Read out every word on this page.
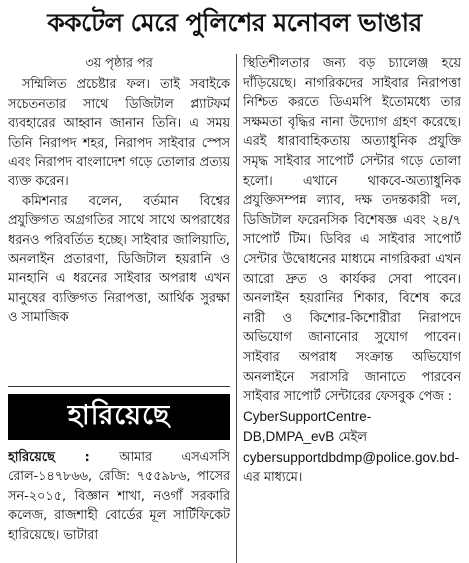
ককটেল মেরে পুলিশের মনোবল ভাঙার

৩য় পৃষ্ঠার পর

সম্মিলিত প্রচেষ্টার ফল। তাই সবাইকে সচেতনতার সাথে ডিজিটাল প্ল্যাটফর্ম ব্যবহারের আহ্বান জানান তিনি। এ সময় তিনি নিরাপদ শহর, নিরাপদ সাইবার স্পেস এবং নিরাপদ বাংলাদেশ গড়ে তোলার প্রত্যয় ব্যক্ত করেন।

কমিশনার বলেন, বর্তমান বিশ্বের প্রযুক্তিগত অগ্রগতির সাথে সাথে অপরাধের ধরনও পরিবর্তিত হচ্ছে। সাইবার জালিয়াতি, অনলাইন প্রতারণা, ডিজিটাল হয়রানি ও মানহানি এ ধরনের সাইবার অপরাধ এখন মানুষের ব্যক্তিগত নিরাপত্তা, আর্থিক সুরক্ষা ও সামাজিক

স্থিতিশীলতার জন্য বড় চ্যালেঞ্জ হয়ে দাঁড়িয়েছে। নাগরিকদের সাইবার নিরাপত্তা নিশ্চিত করতে ডিএমপি ইতোমধ্যে তার সক্ষমতা বৃদ্ধির নানা উদ্যোগ গ্রহণ করেছে। এরই ধারাবাহিকতায় অত্যাধুনিক প্রযুক্তি সমৃদ্ধ সাইবার সাপোর্ট সেন্টার গড়ে তোলা হলো। এখানে থাকবে-অত্যাধুনিক প্রযুক্তিসম্পন্ন ল্যাব, দক্ষ তদন্তকারী দল, ডিজিটাল ফরেনসিক বিশেষজ্ঞ এবং ২৪/৭ সাপোর্ট টিম। ডিবির এ সাইবার সাপোর্ট সেন্টার উদ্বোধনের মাধ্যমে নাগরিকরা এখন আরো দ্রুত ও কার্যকর সেবা পাবেন। অনলাইন হয়রানির শিকার, বিশেষ করে নারী ও কিশোর-কিশোরীরা নিরাপদে অভিযোগ জানানোর সুযোগ পাবেন। সাইবার অপরাধ সংক্রান্ত অভিযোগ অনলাইনে সরাসরি জানাতে পারবেন সাইবার সাপোর্ট সেন্টারের ফেসবুক পেজ :

CyberSupportCentre-DB,DMPA_evB মেইল

cybersupportdbdmp@police.gov.bd-এর মাধ্যমে।

হারিয়েছে

হারিয়েছে : আমার এসএসসি রোল-১৪৭৮৬৬, রেজি: ৭৫৫৯৮৬, পাসের সন-২০১৫, বিজ্ঞান শাখা, নওগাঁ সরকারি কলেজ, রাজশাহী বোর্ডের মূল সার্টিফিকেট হারিয়েছে। ভাটারা
